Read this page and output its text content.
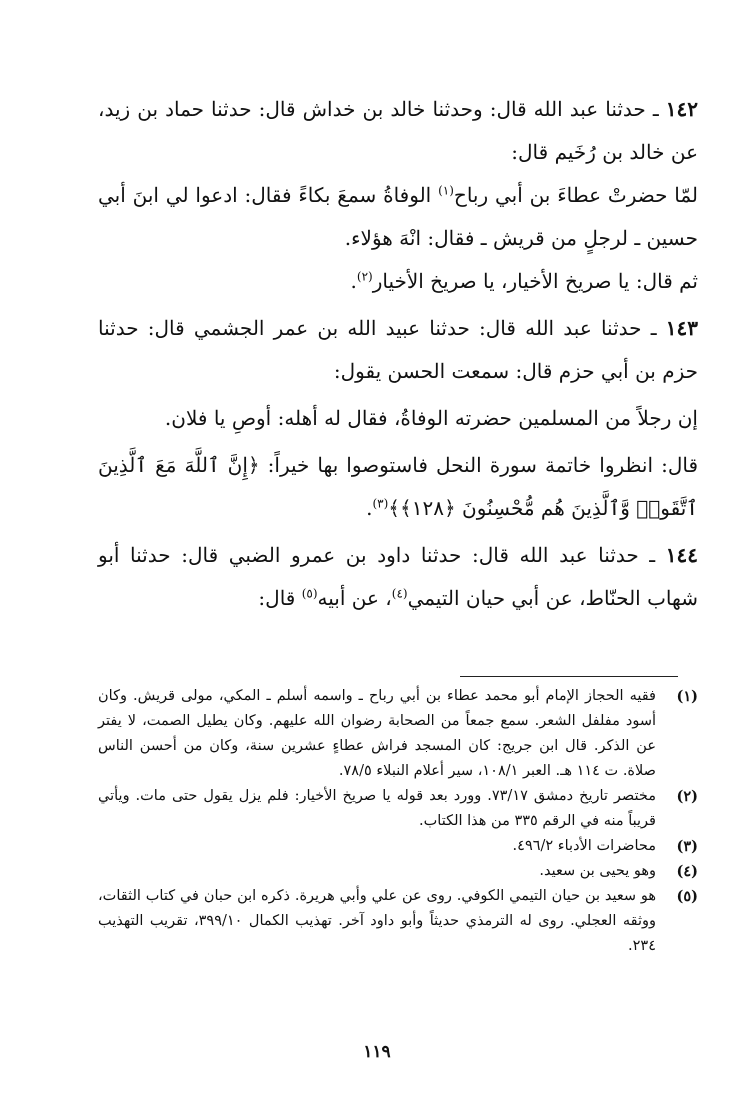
١٤٢ ـ حدثنا عبد الله قال: وحدثنا خالد بن خداش قال: حدثنا حماد بن زيد، عن خالد بن رُخَيم قال:

لمّا حضرتْ عطاءَ بن أبي رباح$^{(١)}$ الوفاةُ سمعَ بكاءً فقال: ادعوا لي ابنَ أبي حسين ـ لرجلٍ من قريش ـ فقال: انْهَ هؤلاء.

ثم قال: يا صريخ الأخيار، يا صريخ الأخيار$^{(٢)}$.

١٤٣ ـ حدثنا عبد الله قال: حدثنا عبيد الله بن عمر الجشمي قال: حدثنا حزم بن أبي حزم قال: سمعت الحسن يقول:

إن رجلاً من المسلمين حضرته الوفاةُ، فقال له أهله: أوصِ يا فلان.

قال: انظروا خاتمة سورة النحل فاستوصوا بها خيراً: ﴿إِنَّ ٱللَّهَ مَعَ ٱلَّذِينَ ٱتَّقَوا۟ وَّٱلَّذِينَ هُم مُّحْسِنُونَ ﴿١٢٨﴾﴾$^{(٣)}$.

١٤٤ ـ حدثنا عبد الله قال: حدثنا داود بن عمرو الضبي قال: حدثنا أبو شهاب الحنّاط، عن أبي حيان التيمي$^{(٤)}$، عن أبيه$^{(٥)}$ قال:

(١)
فقيه الحجاز الإمام أبو محمد عطاء بن أبي رباح ـ واسمه أسلم ـ المكي، مولى قريش. وكان أسود مفلفل الشعر. سمع جمعاً من الصحابة رضوان الله عليهم. وكان يطيل الصمت، لا يفتر عن الذكر. قال ابن جريج: كان المسجد فراش عطاءٍ عشرين سنة، وكان من أحسن الناس صلاة. ت ١١٤ هـ. العبر ١٠٨/١، سير أعلام النبلاء ٧٨/٥.
(٢)
مختصر تاريخ دمشق ٧٣/١٧. وورد بعد قوله يا صريخ الأخيار: فلم يزل يقول حتى مات. ويأتي قريباً منه في الرقم ٣٣٥ من هذا الكتاب.
(٣)
محاضرات الأدباء ٤٩٦/٢.
(٤)
وهو يحيى بن سعيد.
(٥)
هو سعيد بن حيان التيمي الكوفي. روى عن علي وأبي هريرة. ذكره ابن حبان في كتاب الثقات، ووثقه العجلي. روى له الترمذي حديثاً وأبو داود آخر. تهذيب الكمال ٣٩٩/١٠، تقريب التهذيب ٢٣٤.
١١٩
